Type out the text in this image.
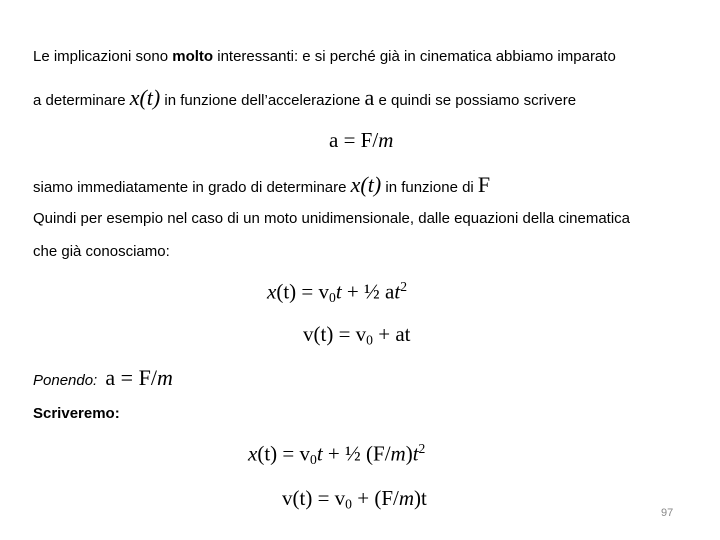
Le implicazioni sono molto interessanti: e si perché già in cinematica abbiamo imparato
a determinare x(t) in funzione dell’accelerazione a e quindi se possiamo scrivere
a = F/m
siamo immediatamente in grado di determinare x(t) in funzione di F
Quindi per esempio nel caso di un moto unidimensionale, dalle equazioni della cinematica
che già conosciamo:
$x(t) = v_0t$ + ½ $at^2$
$v(t) = v_0$ + at
Ponendo: a = F/m
Scriveremo:
$x(t) = v_0t$ + ½ $(F/m)t^2$
$v(t) = v_0 + (F/m)t$
97
